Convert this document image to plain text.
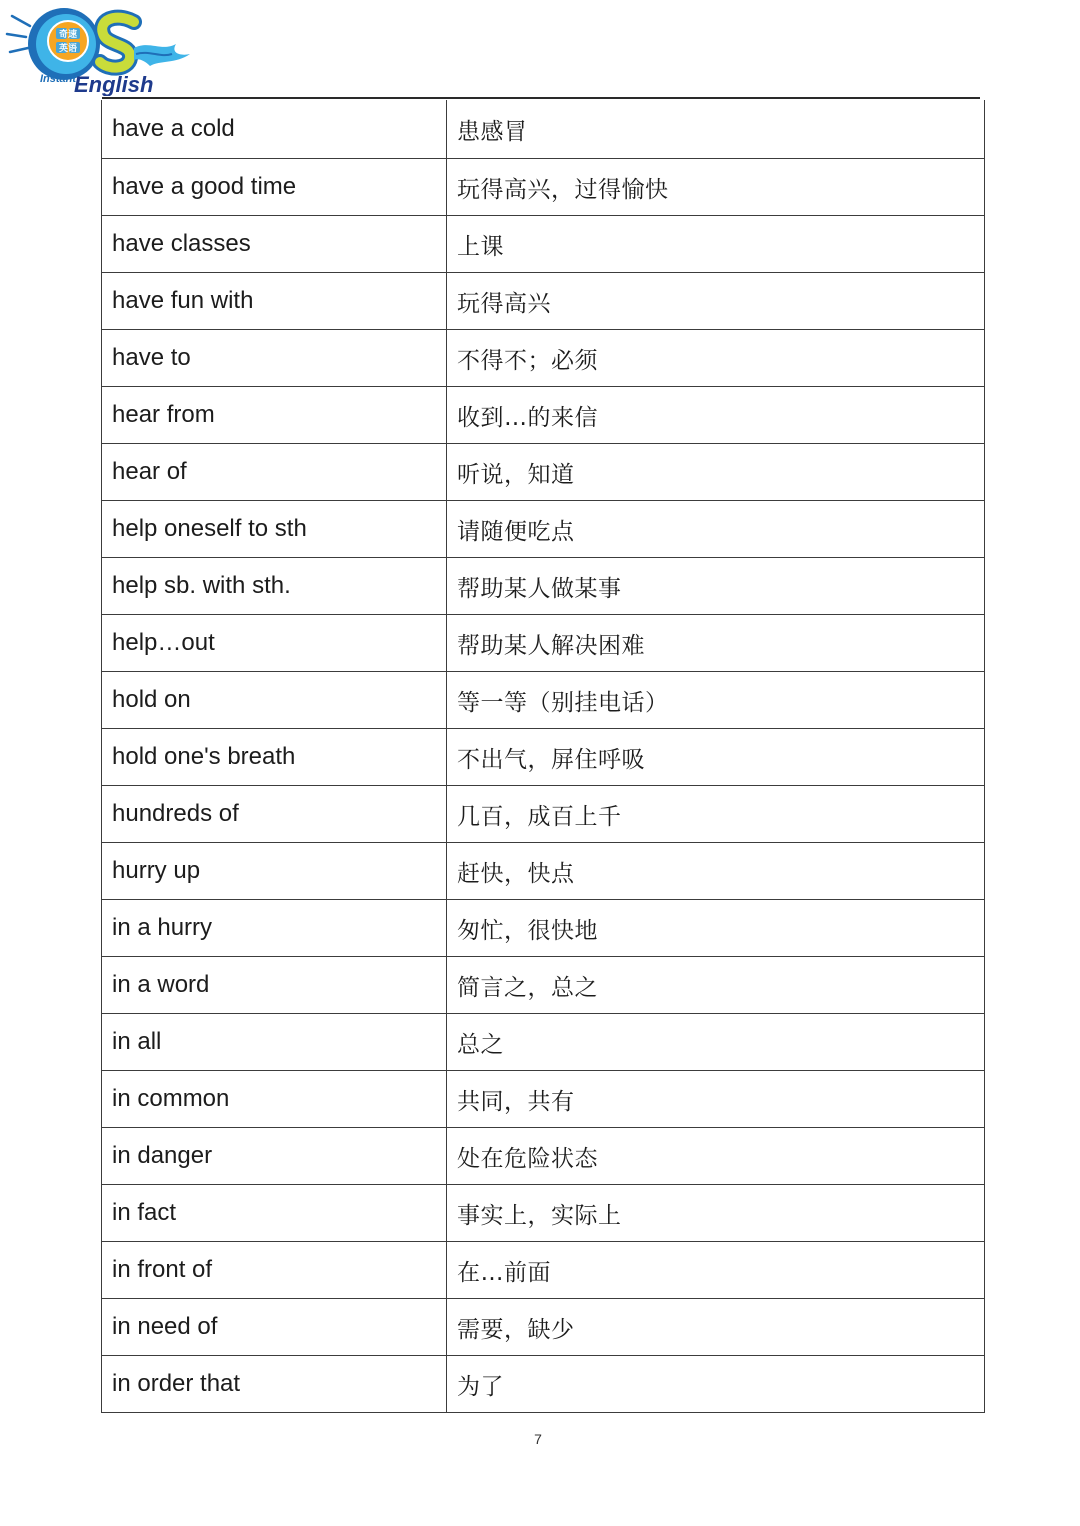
奇速
英语
Instant
English
have a cold	患感冒
have a good time	玩得高兴，过得愉快
have classes	上课
have fun with	玩得高兴
have to	不得不；必须
hear from	收到…的来信
hear of	听说，知道
help oneself to sth	请随便吃点
help sb. with sth.	帮助某人做某事
help…out	帮助某人解决困难
hold on	等一等（别挂电话）
hold one's breath	不出气，屏住呼吸
hundreds of	几百，成百上千
hurry up	赶快，快点
in a hurry	匆忙，很快地
in a word	简言之，总之
in all	总之
in common	共同，共有
in danger	处在危险状态
in fact	事实上，实际上
in front of	在…前面
in need of	需要，缺少
in order that	为了
7
